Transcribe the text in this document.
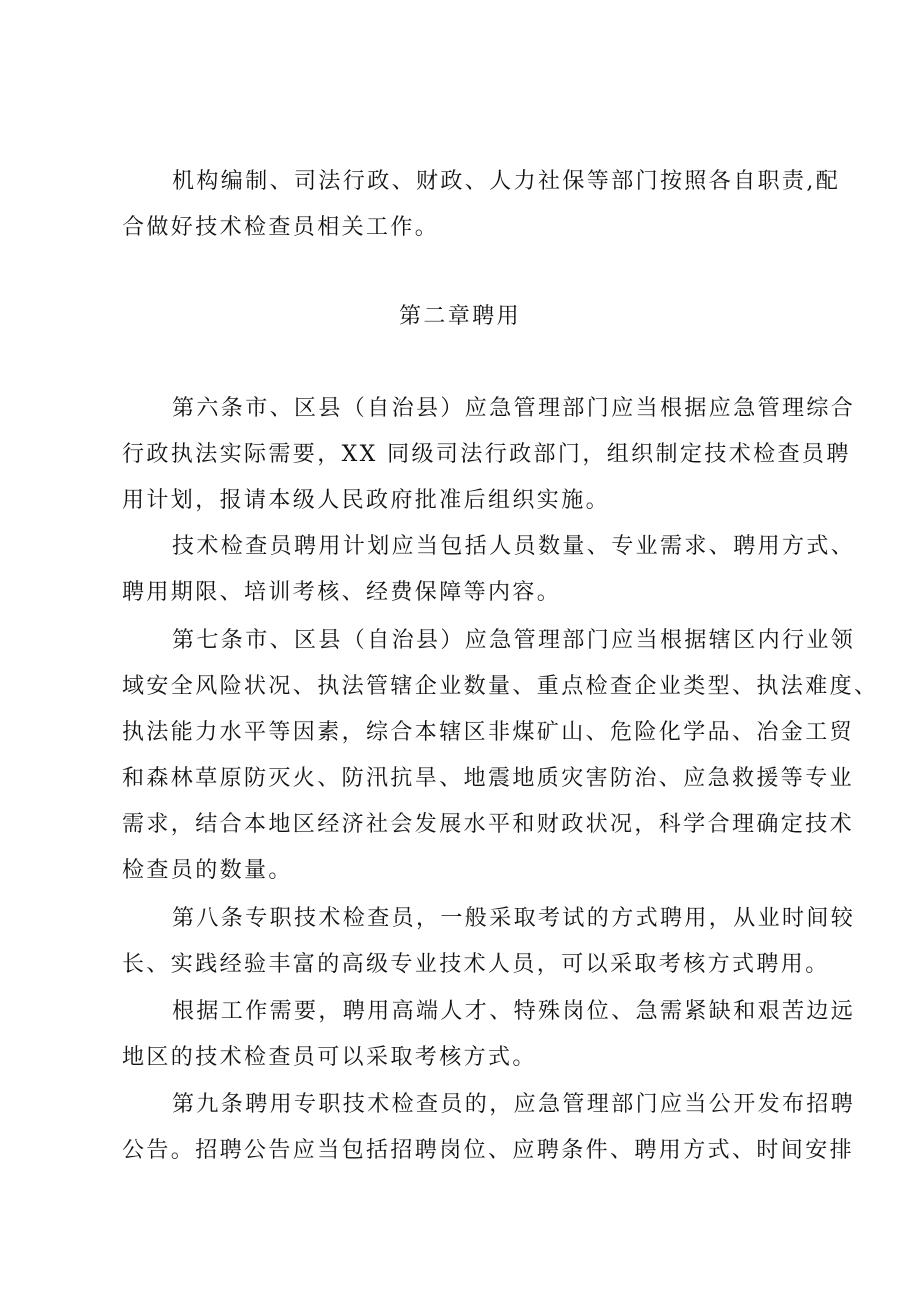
机构编制、司法行政、财政、人力社保等部门按照各自职责,配
合做好技术检查员相关工作。
第二章聘用
第六条市、区县（自治县）应急管理部门应当根据应急管理综合
行政执法实际需要，XX 同级司法行政部门，组织制定技术检查员聘
用计划，报请本级人民政府批准后组织实施。
技术检查员聘用计划应当包括人员数量、专业需求、聘用方式、
聘用期限、培训考核、经费保障等内容。
第七条市、区县（自治县）应急管理部门应当根据辖区内行业领
域安全风险状况、执法管辖企业数量、重点检查企业类型、执法难度、
执法能力水平等因素，综合本辖区非煤矿山、危险化学品、冶金工贸
和森林草原防灭火、防汛抗旱、地震地质灾害防治、应急救援等专业
需求，结合本地区经济社会发展水平和财政状况，科学合理确定技术
检查员的数量。
第八条专职技术检查员，一般采取考试的方式聘用，从业时间较
长、实践经验丰富的高级专业技术人员，可以采取考核方式聘用。
根据工作需要，聘用高端人才、特殊岗位、急需紧缺和艰苦边远
地区的技术检查员可以采取考核方式。
第九条聘用专职技术检查员的，应急管理部门应当公开发布招聘
公告。招聘公告应当包括招聘岗位、应聘条件、聘用方式、时间安排
